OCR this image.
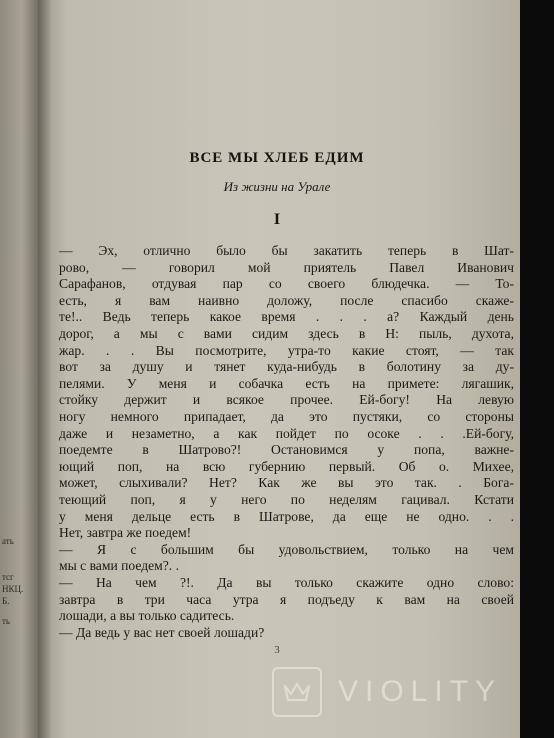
ать
тсг
НКЦ.
Б.
ть
ВСЕ МЫ ХЛЕБ ЕДИМ
Из жизни на Урале
I
— Эх, отлично было бы закатить теперь в Шат-
рово, — говорил мой приятель Павел Иванович
Сарафанов, отдувая пар со своего блюдечка. — То-
есть, я вам наивно доложу, после спасибо скаже-
те!.. Ведь теперь какое время . . . а? Каждый день
дорог, а мы с вами сидим здесь в Н: пыль, духота,
жар. . . Вы посмотрите, утра-то какие стоят, — так
вот за душу и тянет куда-нибудь в болотину за ду-
пелями. У меня и собачка есть на примете: лягашик,
стойку держит и всякое прочее. Ей-богу! На левую
ногу немного припадает, да это пустяки, со стороны
даже и незаметно, а как пойдет по осоке . . .Ей-богу,
поедемте в Шатрово?! Остановимся у попа, важне-
ющий поп, на всю губернию первый. Об о. Михее,
может, слыхивали? Нет? Как же вы это так. . Бога-
теющий поп, я у него по неделям гацивал. Кстати
у меня дельце есть в Шатрове, да еще не одно. . .
Нет, завтра же поедем!
— Я с большим бы удовольствием, только на чем
мы с вами поедем?. .
— На чем ?!. Да вы только скажите одно слово:
завтра в три часа утра я подъеду к вам на своей
лошади, а вы только садитесь.
— Да ведь у вас нет своей лошади?
3
VIOLITY
